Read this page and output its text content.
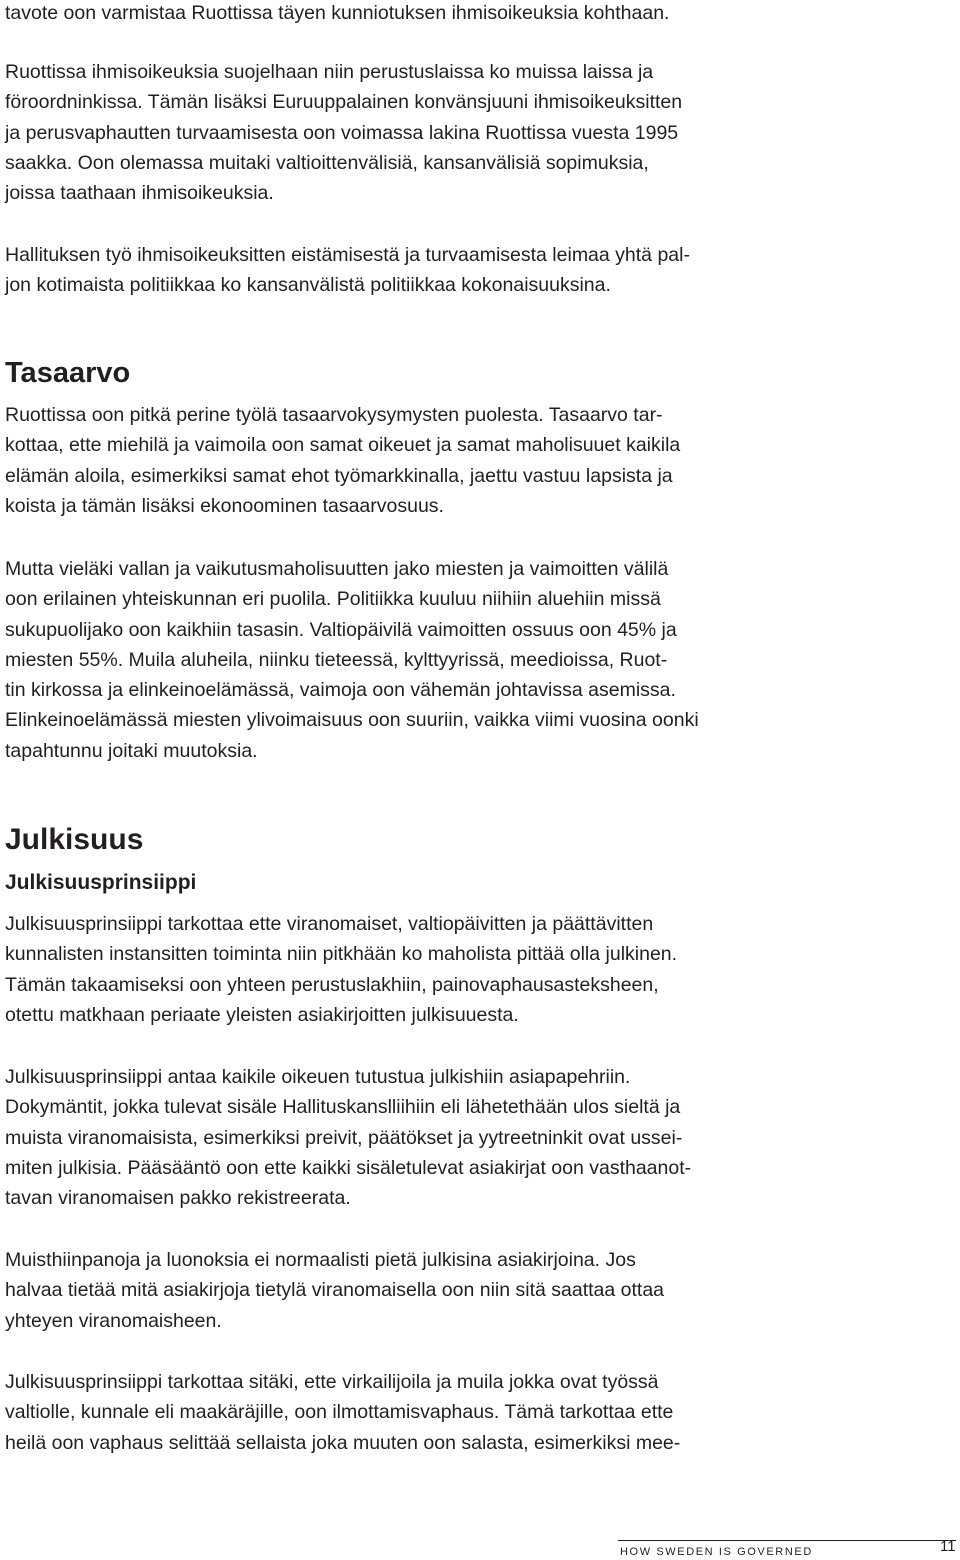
tavote oon varmistaa Ruottissa täyen kunniotuksen ihmisoikeuksia kohthaan.

Ruottissa ihmisoikeuksia suojelhaan niin perustuslaissa ko muissa laissa ja
föroordninkissa. Tämän lisäksi Euruuppalainen konvänsjuuni ihmisoikeuksitten
ja perusvaphautten turvaamisesta oon voimassa lakina Ruottissa vuesta 1995
saakka. Oon olemassa muitaki valtioittenvälisiä, kansanvälisiä sopimuksia,
joissa taathaan ihmisoikeuksia.

Hallituksen työ ihmisoikeuksitten eistämisestä ja turvaamisesta leimaa yhtä pal-
jon kotimaista politiikkaa ko kansanvälistä politiikkaa kokonaisuuksina.

Tasaarvo

Ruottissa oon pitkä perine työlä tasaarvokysymysten puolesta. Tasaarvo tar-
kottaa, ette miehilä ja vaimoila oon samat oikeuet ja samat maholisuuet kaikila
elämän aloila, esimerkiksi samat ehot työmarkkinalla, jaettu vastuu lapsista ja
koista ja tämän lisäksi ekonoominen tasaarvosuus.

Mutta vieläki vallan ja vaikutusmaholisuutten jako miesten ja vaimoitten välilä
oon erilainen yhteiskunnan eri puolila. Politiikka kuuluu niihiin aluehiin missä
sukupuolijako oon kaikhiin tasasin. Valtiopäivilä vaimoitten ossuus oon 45% ja
miesten 55%. Muila aluheila, niinku tieteessä, kylttyyrissä, meedioissa, Ruot-
tin kirkossa ja elinkeinoelämässä, vaimoja oon vähemän johtavissa asemissa.
Elinkeinoelämässä miesten ylivoimaisuus oon suuriin, vaikka viimi vuosina oonki
tapahtunnu joitaki muutoksia.

Julkisuus
Julkisuusprinsiippi

Julkisuusprinsiippi tarkottaa ette viranomaiset, valtiopäivitten ja päättävitten
kunnalisten instansitten toiminta niin pitkhään ko maholista pittää olla julkinen.
Tämän takaamiseksi oon yhteen perustuslakhiin, painovaphausasteksheen,
otettu matkhaan periaate yleisten asiakirjoitten julkisuuesta.

Julkisuusprinsiippi antaa kaikile oikeuen tutustua julkishiin asiapapehriin.
Dokymäntit, jokka tulevat sisäle Hallituskanslliihiin eli lähetethään ulos sieltä ja
muista viranomaisista, esimerkiksi preivit, päätökset ja yytreetninkit ovat ussei-
miten julkisia. Pääsääntö oon ette kaikki sisäletulevat asiakirjat oon vasthaanot-
tavan viranomaisen pakko rekistreerata.

Muisthiinpanoja ja luonoksia ei normaalisti pietä julkisina asiakirjoina. Jos
halvaa tietää mitä asiakirjoja tietylä viranomaisella oon niin sitä saattaa ottaa
yhteyen viranomaisheen.

Julkisuusprinsiippi tarkottaa sitäki, ette virkailijoila ja muila jokka ovat työssä
valtiolle, kunnale eli maakäräjille, oon ilmottamisvaphaus. Tämä tarkottaa ette
heilä oon vaphaus selittää sellaista joka muuten oon salasta, esimerkiksi mee-

HOW SWEDEN IS GOVERNED	11
